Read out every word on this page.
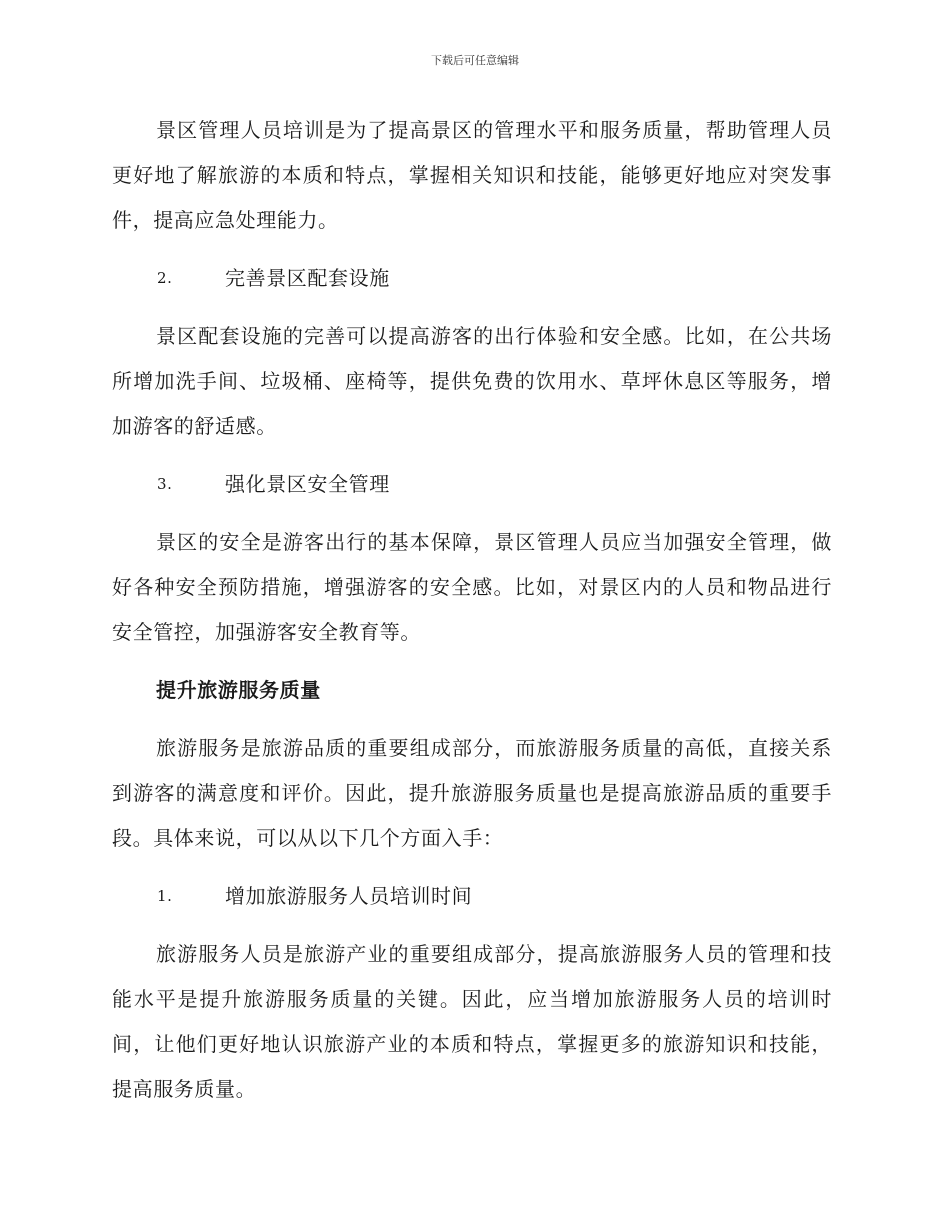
下载后可任意编辑

景区管理人员培训是为了提高景区的管理水平和服务质量，帮助管理人员更好地了解旅游的本质和特点，掌握相关知识和技能，能够更好地应对突发事件，提高应急处理能力。

2.	完善景区配套设施

景区配套设施的完善可以提高游客的出行体验和安全感。比如，在公共场所增加洗手间、垃圾桶、座椅等，提供免费的饮用水、草坪休息区等服务，增加游客的舒适感。

3.	强化景区安全管理

景区的安全是游客出行的基本保障，景区管理人员应当加强安全管理，做好各种安全预防措施，增强游客的安全感。比如，对景区内的人员和物品进行安全管控，加强游客安全教育等。

提升旅游服务质量

旅游服务是旅游品质的重要组成部分，而旅游服务质量的高低，直接关系到游客的满意度和评价。因此，提升旅游服务质量也是提高旅游品质的重要手段。具体来说，可以从以下几个方面入手：

1.	增加旅游服务人员培训时间

旅游服务人员是旅游产业的重要组成部分，提高旅游服务人员的管理和技能水平是提升旅游服务质量的关键。因此，应当增加旅游服务人员的培训时间，让他们更好地认识旅游产业的本质和特点，掌握更多的旅游知识和技能，提高服务质量。
